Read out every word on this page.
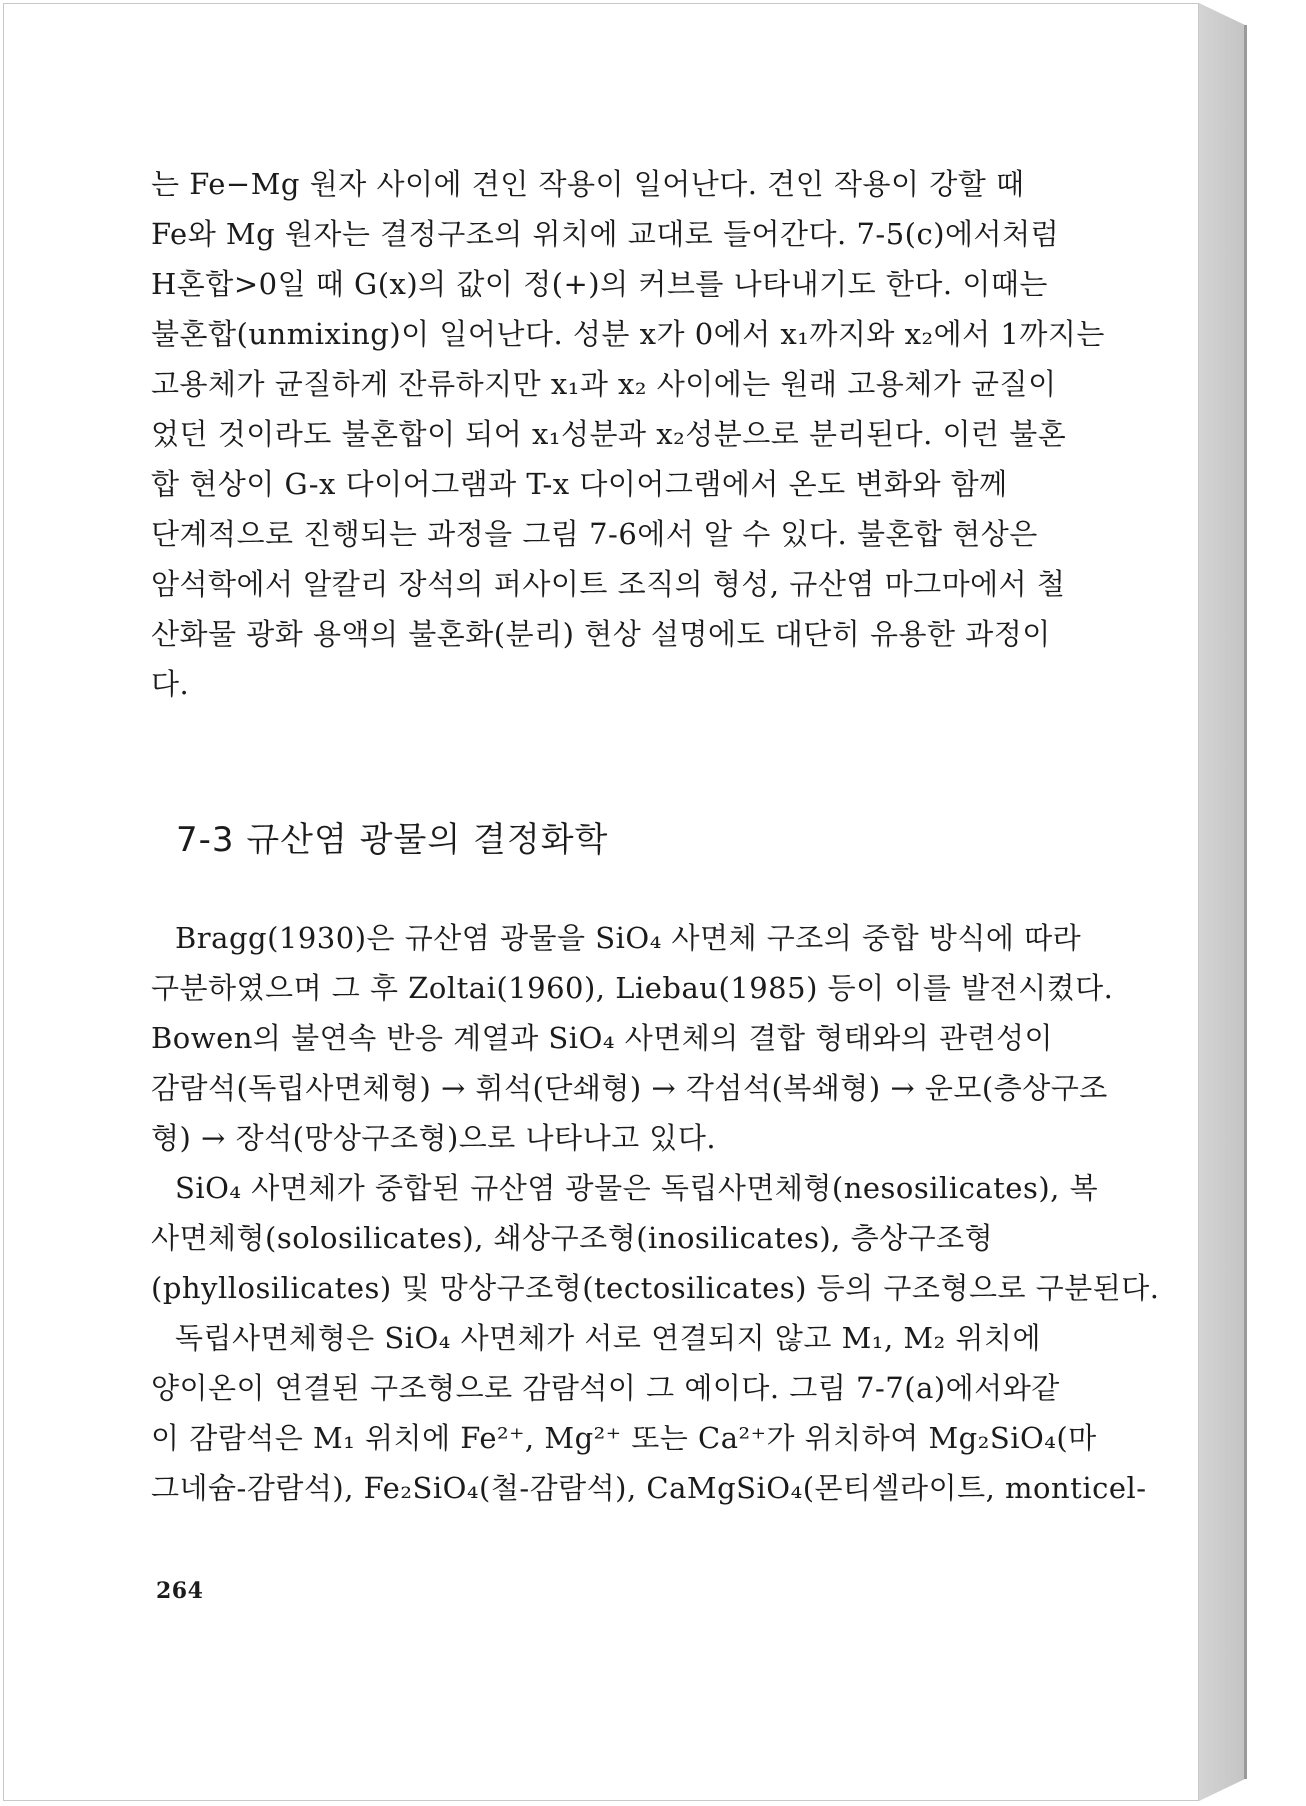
는 Fe−Mg 원자 사이에 견인 작용이 일어난다. 견인 작용이 강할 때
Fe와 Mg 원자는 결정구조의 위치에 교대로 들어간다. 7-5(c)에서처럼
H혼합>0일 때 G(x)의 값이 정(+)의 커브를 나타내기도 한다. 이때는
불혼합(unmixing)이 일어난다. 성분 x가 0에서 x₁까지와 x₂에서 1까지는
고용체가 균질하게 잔류하지만 x₁과 x₂ 사이에는 원래 고용체가 균질이
었던 것이라도 불혼합이 되어 x₁성분과 x₂성분으로 분리된다. 이런 불혼
합 현상이 G-x 다이어그램과 T-x 다이어그램에서 온도 변화와 함께
단계적으로 진행되는 과정을 그림 7-6에서 알 수 있다. 불혼합 현상은
암석학에서 알칼리 장석의 퍼사이트 조직의 형성, 규산염 마그마에서 철
산화물 광화 용액의 불혼화(분리) 현상 설명에도 대단히 유용한 과정이
다.
7-3 규산염 광물의 결정화학
Bragg(1930)은 규산염 광물을 SiO₄ 사면체 구조의 중합 방식에 따라
구분하였으며 그 후 Zoltai(1960), Liebau(1985) 등이 이를 발전시켰다.
Bowen의 불연속 반응 계열과 SiO₄ 사면체의 결합 형태와의 관련성이
감람석(독립사면체형) → 휘석(단쇄형) → 각섬석(복쇄형) → 운모(층상구조
형) → 장석(망상구조형)으로 나타나고 있다.
SiO₄ 사면체가 중합된 규산염 광물은 독립사면체형(nesosilicates), 복
사면체형(solosilicates), 쇄상구조형(inosilicates), 층상구조형
(phyllosilicates) 및 망상구조형(tectosilicates) 등의 구조형으로 구분된다.
독립사면체형은 SiO₄ 사면체가 서로 연결되지 않고 M₁, M₂ 위치에
양이온이 연결된 구조형으로 감람석이 그 예이다. 그림 7-7(a)에서와같
이 감람석은 M₁ 위치에 Fe²⁺, Mg²⁺ 또는 Ca²⁺가 위치하여 Mg₂SiO₄(마
그네슘-감람석), Fe₂SiO₄(철-감람석), CaMgSiO₄(몬티셀라이트, monticel-
264
